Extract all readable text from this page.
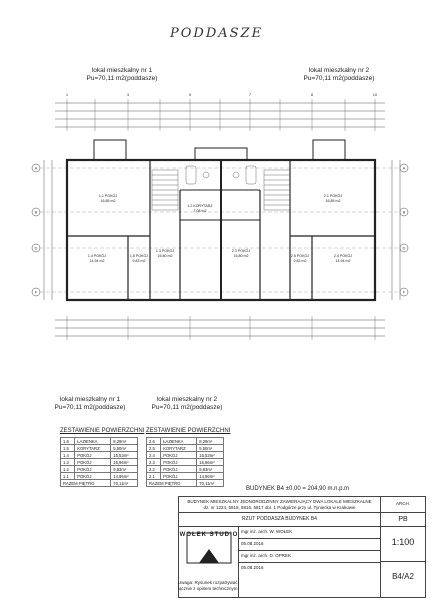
PODDASZE
lokal mieszkalny nr 1
Pu=70,11 m2(poddasze)
lokal mieszkalny nr 2
Pu=70,11 m2(poddasze)
A
B
D
F
A
B
D
F
1.1 POKÓJ
16,85 m2
1.4 POKÓJ
14,94 m2
1.5 POKÓJ
9,83 m2
1.2 KORYTARZ
7,08 m2
1.3 POKÓJ
15,80 m2
2.3 POKÓJ
15,80 m2	2.5 POKÓJ
9,83 m2
2.4 POKÓJ
14,94 m2
2.1 POKÓJ
16,85 m2
1	3	5	7	8	10
lokal mieszkalny nr 1
Pu=70,11 m2(poddasze)
lokal mieszkalny nr 2
Pu=70,11 m2(poddasze)
ZESTAWIENIE POWIERZCHNI
1.6	ŁAZIENKA	8,29m²
1.5	KORYTARZ	5,50m²
1.4	POKÓJ	15,53m²
1.3	POKÓJ	16,96m²
1.2	POKÓJ	9,83m²
1.1	POKÓJ	14,96m²
RAZEM PIĘTRO		70,11m²
ZESTAWIENIE POWIERZCHNI
2.6	ŁAZIENKA	8,29m²
2.5	KORYTARZ	5,50m²
2.4	POKÓJ	15,53m²
2.3	POKÓJ	16,96m²
2.2	POKÓJ	9,83m²
2.1	POKÓJ	14,96m²
RAZEM PIĘTRO		70,11m²
BUDYNEK B4 ±0,00 = 204,90 m.n.p.m
BUDYNEK MIESZKALNY JEDNORODZINNY ZAWIERAJĄCY DWA LOKALE MIESZKALNE
dz. nr 1224, 5815, 5816, 5817 obr. 1 Podgórze przy ul. Tyniecka w Krakowie
ARCH.
RZUT PODDASZA BUDYNEK B4	PB
WOŁEK STUDIO
mgr inż. arch. W. WOŁEK
05.08.2016
mgr inż. arch. D. OPREK
05.08.2016
1:100
B4/A2
Uwaga: Rysunek rozpatrywać łącznie z opisem technicznym
